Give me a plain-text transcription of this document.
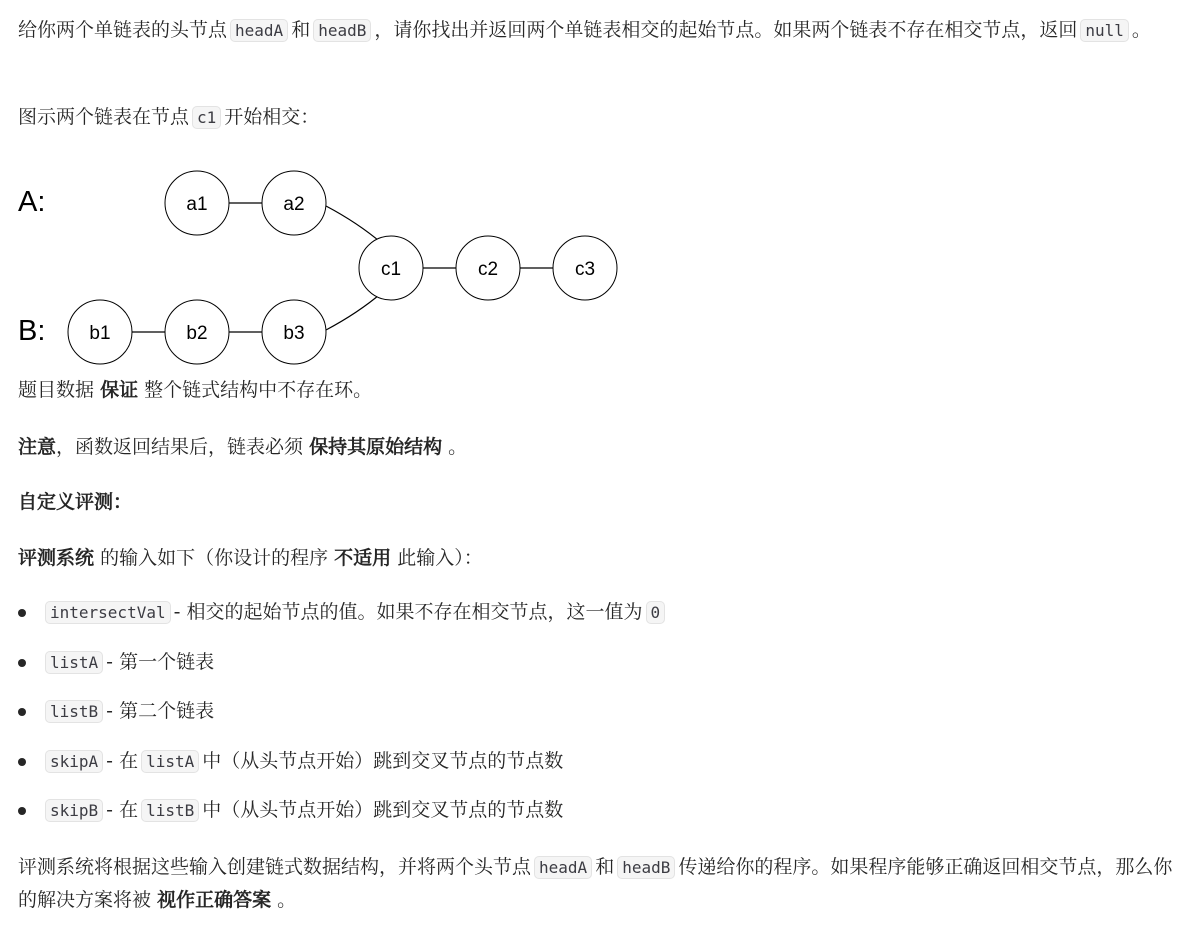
给你两个单链表的头节点 headA 和 headB ，请你找出并返回两个单链表相交的起始节点。如果两个链表不存在相交节点，返回 null 。

图示两个链表在节点 c1 开始相交：

A:
B:
a1	a2
b1	b2	b3
c1	c2	c3

题目数据 保证 整个链式结构中不存在环。

注意，函数返回结果后，链表必须 保持其原始结构 。

自定义评测：

评测系统 的输入如下（你设计的程序 不适用 此输入）：

intersectVal - 相交的起始节点的值。如果不存在相交节点，这一值为 0
listA - 第一个链表
listB - 第二个链表
skipA - 在 listA 中（从头节点开始）跳到交叉节点的节点数
skipB - 在 listB 中（从头节点开始）跳到交叉节点的节点数

评测系统将根据这些输入创建链式数据结构，并将两个头节点 headA 和 headB 传递给你的程序。如果程序能够正确返回相交节点，那么你的解决方案将被 视作正确答案 。
